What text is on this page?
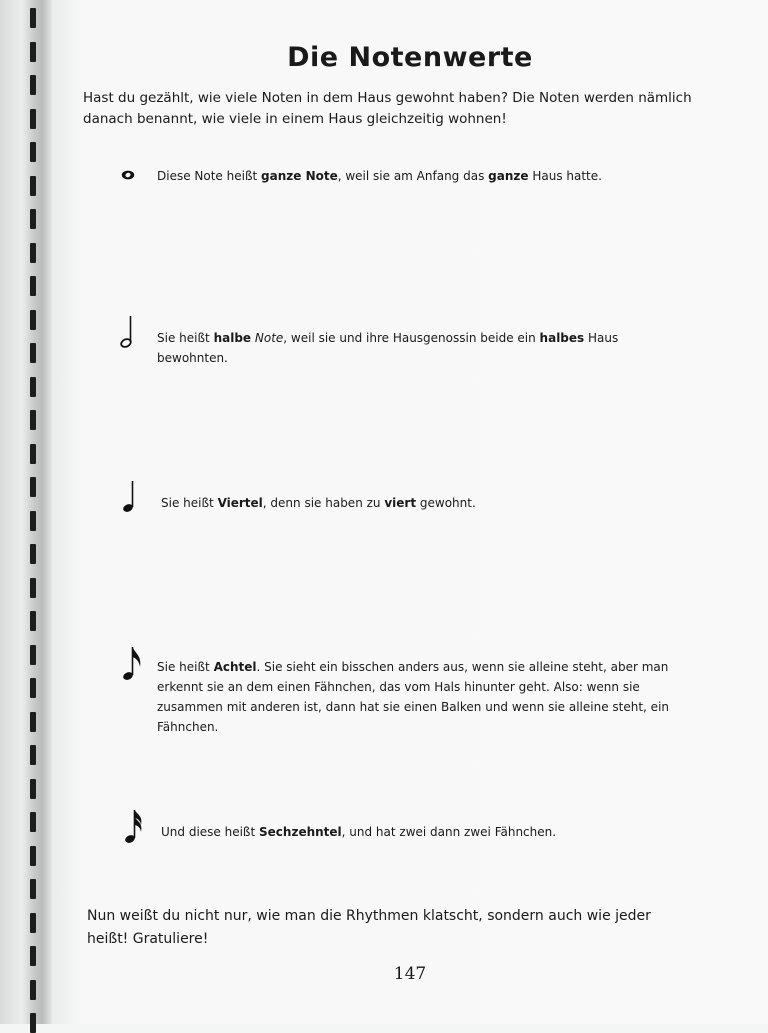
Die Notenwerte

Hast du gezählt, wie viele Noten in dem Haus gewohnt haben? Die Noten werden nämlich danach benannt, wie viele in einem Haus gleichzeitig wohnen!

Diese Note heißt ganze Note, weil sie am Anfang das ganze Haus hatte.
Sie heißt halbe Note, weil sie und ihre Hausgenossin beide ein halbes Haus bewohnten.
Sie heißt Viertel, denn sie haben zu viert gewohnt.
Sie heißt Achtel. Sie sieht ein bisschen anders aus, wenn sie alleine steht, aber man erkennt sie an dem einen Fähnchen, das vom Hals hinunter geht. Also: wenn sie zusammen mit anderen ist, dann hat sie einen Balken und wenn sie alleine steht, ein Fähnchen.
Und diese heißt Sechzehntel, und hat zwei dann zwei Fähnchen.

Nun weißt du nicht nur, wie man die Rhythmen klatscht, sondern auch wie jeder heißt! Gratuliere!

147
